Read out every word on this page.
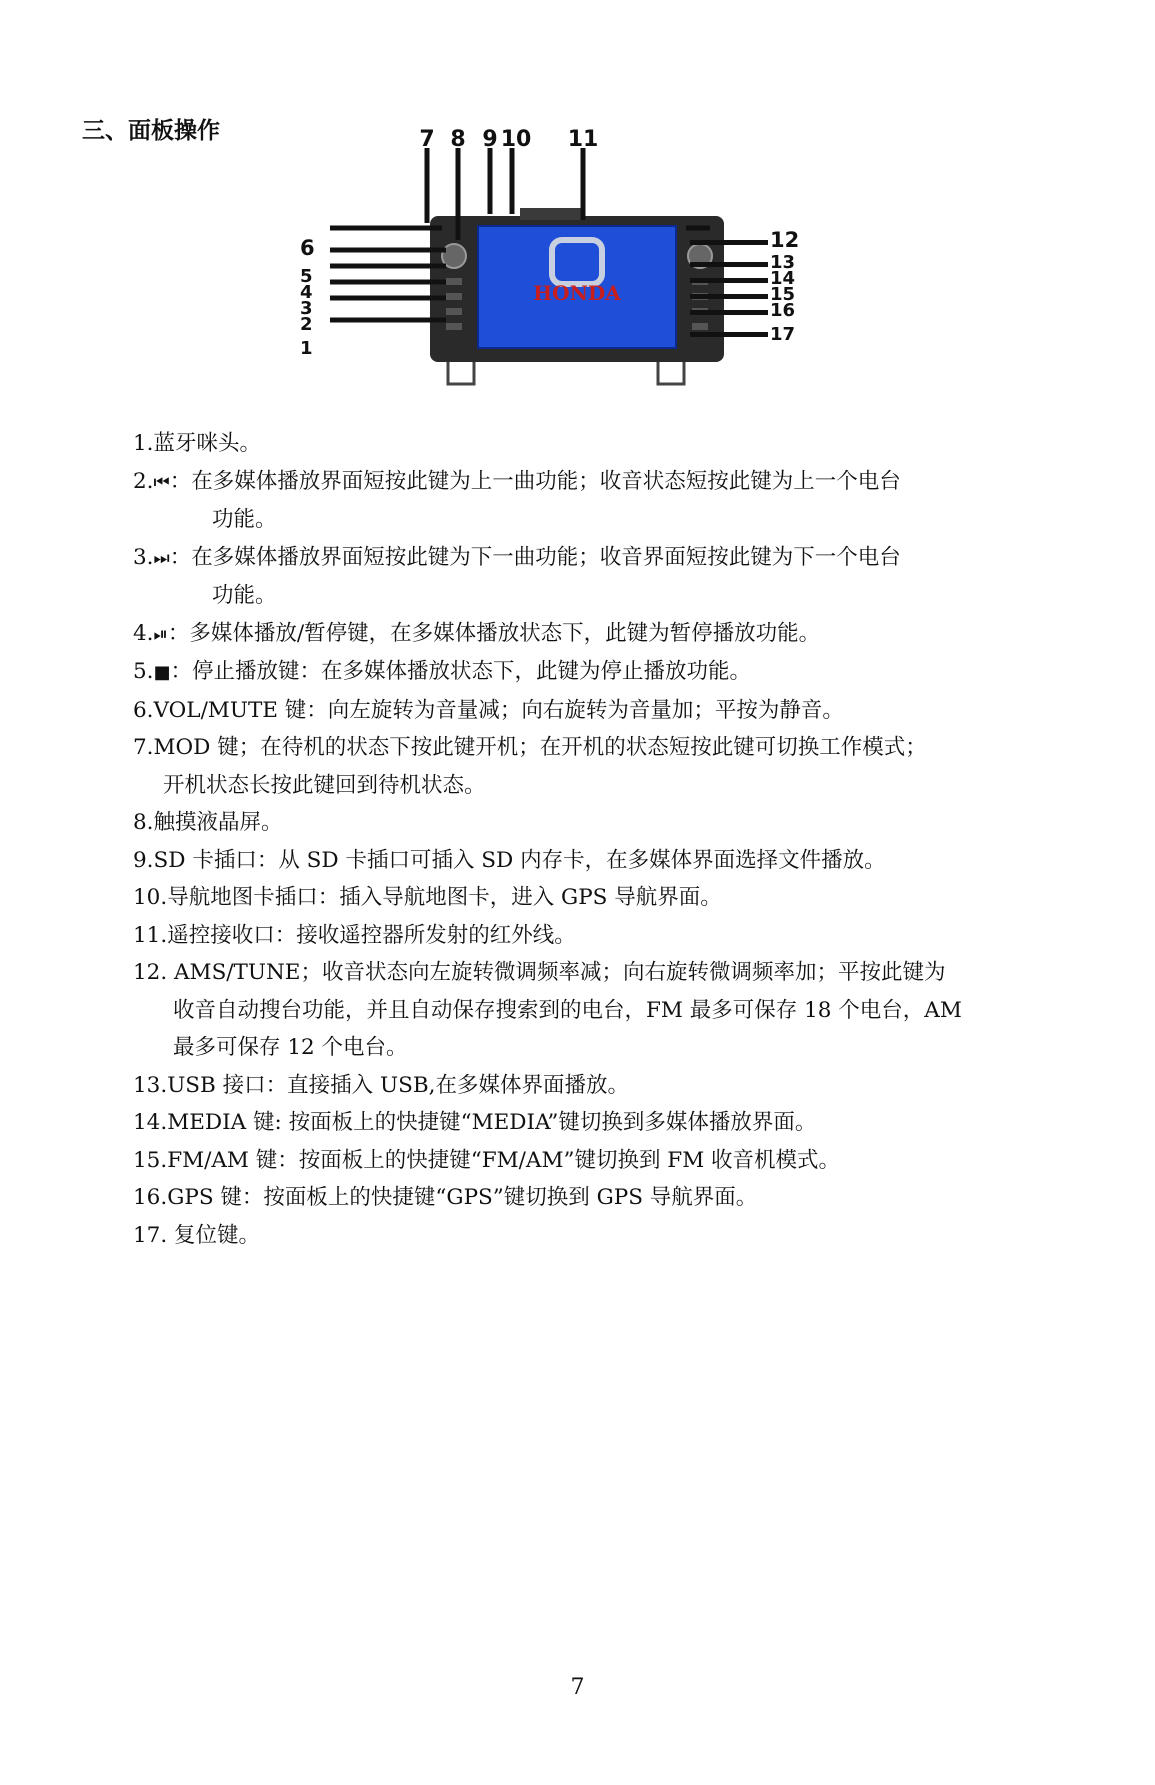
三、面板操作
HONDA
7 8 9 10 11
6
5
4
3
2
1
12
13
14
15
16
17
1.蓝牙咪头。
2.⏮：在多媒体播放界面短按此键为上一曲功能；收音状态短按此键为上一个电台
功能。
3.⏭：在多媒体播放界面短按此键为下一曲功能；收音界面短按此键为下一个电台
功能。
4.⏯：多媒体播放/暂停键，在多媒体播放状态下，此键为暂停播放功能。
5.■：停止播放键：在多媒体播放状态下，此键为停止播放功能。
6.VOL/MUTE 键：向左旋转为音量减；向右旋转为音量加；平按为静音。
7.MOD 键；在待机的状态下按此键开机；在开机的状态短按此键可切换工作模式；
开机状态长按此键回到待机状态。
8.触摸液晶屏。
9.SD 卡插口：从 SD 卡插口可插入 SD 内存卡，在多媒体界面选择文件播放。
10.导航地图卡插口：插入导航地图卡，进入 GPS 导航界面。
11.遥控接收口：接收遥控器所发射的红外线。
12. AMS/TUNE；收音状态向左旋转微调频率减；向右旋转微调频率加；平按此键为
收音自动搜台功能，并且自动保存搜索到的电台，FM 最多可保存 18 个电台，AM
最多可保存 12 个电台。
13.USB 接口：直接插入 USB,在多媒体界面播放。
14.MEDIA 键: 按面板上的快捷键“MEDIA”键切换到多媒体播放界面。
15.FM/AM 键：按面板上的快捷键“FM/AM”键切换到 FM 收音机模式。
16.GPS 键：按面板上的快捷键“GPS”键切换到 GPS 导航界面。
17. 复位键。
7
